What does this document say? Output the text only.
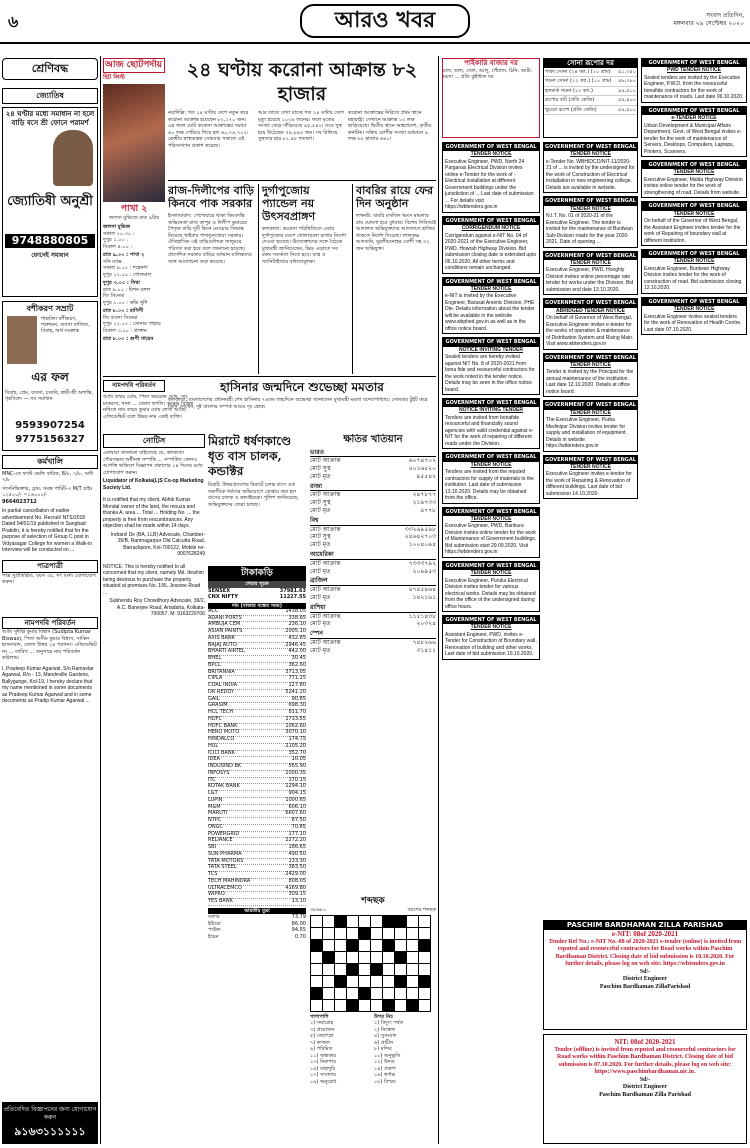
৬	আরও খবর	সংবাদ প্রতিদিন,
মঙ্গলবার ২৯ সেপ্টেম্বর ২০২০
শ্রেণিবদ্ধ
জ্যোতিষ
২৪ ঘণ্টার মধ্যে সমাধান না হলে বাড়ি বসে শ্রী ফোনে পরামর্শ
জ্যোতিষী অনুশ্রী
9748880805
ফোনেই সমাধান
বশীকরণ সম্রাট
শাস্ত্রবিদ্য বশীকরণ, শত্রুদমন, ব্যবসা বাণিজ্য, বিবাহ, অর্থ সংক্রান্ত
এর ফল
বিবাহ, প্রেম, ব্যবসা, চাকরি, স্বামী-স্ত্রী অশান্তি, গৃহবিবাদ — সব সমাধান
9593907254
9775156327
কর্মখালি
MNC-তে ফাস্ট ভেন্ডি বারিক, 8/৮, ৭/৮, অধি ৭/৮
সাসনিভিক্তার, ড্রাম, সমস্ত পার্মিট-৩ M/T চাইঃ ১২৫০০/- ~১৬০০০/-
9664023712
In partial cancellation of earlier advertisement No. Recruit/ NTS/2018 Dated 04/01/19 published in Sangbad Pratidin, it is hereby notified that for the purpose of selection of Group C post in Vidyasagar College for women a Walk-in Interview will be conducted on ...
পাত্রপাত্রী
পাত্র সুপ্রতিষ্ঠিত, বয়স ৩৫, সৎ বংশ। যোগাযোগ করুন।
নামপদবি পরিবর্তন
আমি সুদীপ্ত কুমার বিশ্বাস (Sudipta Kumar Biswas), পিতা অসীম কুমার বিশ্বাস, সাকিন হাসনাবাদ, জেলা উত্তর ২৪ পরগনা। এফিডেভিট নং ... তারিখ ... অনুসারে নাম পরিবর্তন করিলাম।
I, Pradeep Kumar Agarwal, S/o Ramavtar Agarwal, R/o - 13, Mandeville Gardens, Ballygunge, Kol-19, I hereby declare that my name mentioned in some documents as Pradeep Kumar Agarwal and in some documents as Pradip Kumar Agarwal ...
প্রতিবেদিত বিজ্ঞাপনের জন্য যোগাযোগ করুন
৯১৬৩১১১১১১
আজ ছোটপর্দায়
হিট লিস্ট
পাখা ২
জলসা মুভিজে রাত ৯টায়
জলসা মুভিজ
সকাল ১০.৩০ :
দুপুর ১.০০ :
বিকাল ৪.০০ :
রাত ৯.০০ : পাখা ২
সনি ম্যাক্স
সকাল ৯.০০ : শহেনশা
দুপুর ১২.০০ : গোলমাল
দুপুর ৩.০০ : সিম্বা
রাত ৯.০০ : মিশন মঙ্গল
জি সিনেমা
দুপুর ১.০০ : কভি খুশি
রাত ৮.০০ : রাগিণী
জি বাংলা সিনেমা
দুপুর ১২.০০ : সোনার পাহাড়
বিকাল ৩.০০ : প্রাক্তন
রাত ৮.০০ : গুপী গায়েন
২৪ ঘণ্টায় করোনা আক্রান্ত ৮২ হাজার
নয়াদিল্লি: গত ২৪ ঘণ্টায় দেশে নতুন করে করোনা আক্রান্ত হয়েছেন ৮২,১৭০ জন। এর ফলে মোট করোনা আক্রান্তের সংখ্যা ৬০ লক্ষ পেরিয়ে গিয়ে হল ৬০,৭৪,৭০২। কেন্দ্রীয় স্বাস্থ্যমন্ত্রক সোমবার সকালে এই পরিসংখ্যান প্রকাশ করেছে।
আর তাতে দেখা যাচ্ছে গত ২৪ ঘণ্টায় দেশে মৃত্যু হয়েছে ১০৩৯ জনের। ফলে মৃতের সংখ্যা বেড়ে দাঁড়িয়েছে ৯৫,৫৪২। তবে সুস্থ হয়ে উঠেছেন ৭৪,৮৯৩ জন। সব মিলিয়ে সুস্থতার হার ৮২.৫৮ শতাংশ।
করোনা আক্রান্তের নিরিখে প্রথম স্থানে মহারাষ্ট্র। সেখানে আক্রান্ত ১৩ লক্ষ ছাড়িয়েছে। দ্বিতীয় স্থানে অন্ধ্রপ্রদেশ, তৃতীয় কর্নাটক। সক্রিয় রোগীর সংখ্যা বর্তমানে ৯ লক্ষ ৬২ হাজার ৬৪০।
রাজ-দিলীপের বাড়ি কিনবে পাক সরকার
ইসলামাবাদ: পেশোয়ারে থাকা কিংবদন্তি অভিনেতা রাজ কাপুর ও দিলীপ কুমারের পৈতৃক বাড়ি দুটি কিনে নেওয়ার সিদ্ধান্ত নিয়েছে খাইবার পাখতুনখোয়া সরকার। ঐতিহাসিক এই বাড়িগুলিকে জাদুঘরে পরিণত করা হবে বলে জানানো হয়েছে। প্রাদেশিক সরকার বাড়ির বর্তমান মালিকদের সঙ্গে আলোচনা শুরু করেছে।
দুর্গাপুজোয় প্যান্ডেল নয় উৎসবপ্রাঙ্গণ
কলকাতা: করোনা পরিস্থিতিতে এবার দুর্গাপুজোর মণ্ডপ খোলামেলা রাখার নির্দেশ দেওয়া হয়েছে। উদ্যোক্তাদের সঙ্গে বৈঠকে মুখ্যমন্ত্রী জানিয়েছেন, ভিড় এড়াতে সব রকম সতর্কতা নিতে হবে। মাস্ক ও স্যানিটাইজার বাধ্যতামূলক।
বাবরির রায়ে ফের দিন অনুষ্ঠান
লখনউ: বাবরি মসজিদ ধ্বংস মামলার রায় ঘোষণা হবে বুধবার। বিশেষ সিবিআই আদালত অভিযুক্তদের আদালতে হাজির থাকতে নির্দেশ দিয়েছে। লালকৃষ্ণ আদবানি, মুরলীমনোহর যোশী সহ ৩২ জন অভিযুক্ত।
হাসিনার জন্মদিনে শুভেচ্ছা মমতার
কলকাতা: বাংলাদেশের প্রধানমন্ত্রী শেখ হাসিনার ৭৪তম জন্মদিনে শুভেচ্ছা জানালেন মুখ্যমন্ত্রী মমতা বন্দ্যোপাধ্যায়। সোমবার টুইট করে তিনি লেখেন, দুই বাংলার সম্পর্ক আরও দৃঢ় হোক।
নামপদবি পরিবর্তন
আমি তন্ময় ঘোষ, পিতা অমরেন্দ্র ঘোষ, সাং মাকরসা, থানা ... জেলা হুগলি। আমার বিভিন্ন নথিতে নাম তন্ময় কুমার ঘোষ লেখা আছে। এফিডেভিট বলে উভয় নাম একই ব্যক্তি।
নোটিস
এতদ্বারা জানানো যাইতেছে যে, কলকাতা পৌরসভার অধীনস্থ সম্পত্তি ... সম্পর্কিত কোনও আপত্তি থাকিলে বিজ্ঞাপন প্রকাশের ১৪ দিনের মধ্যে যোগাযোগ করুন।
Liquidator of Kolkata(L)S Co-op Marketing Society Ltd.
It is notified that my client, Abhik Kumar Mondal owner of the land, the mouza and thanka A, area ... Total ... Holding No. ... the property is free from encumbrances. Any objection shall be made within 14 days.
Indranil De (BA, LLB) Advocate, Chamber-35/B, Ramnagarpur Old Calcutta Road, Barrackpore, Kol-700122, Mobile no-9007628249
NOTICE: This is hereby notified to all concerned that my client, namely Md. Ibrahim being desirous to purchase the property situated at premises No. 195, Jessore Road ...
Subhendu Roy Chowdhury Advocate, 39/2, A.C. Banerjee Road, Ariadaha, Kolkata-700057. M: 9163229706
মিরাটে ধর্ষণকাণ্ডে ধৃত বাস চালক, কন্ডাক্টর
মিরাট: উত্তরপ্রদেশের মিরাটে চলন্ত বাসে এক তরুণীকে ধর্ষণের অভিযোগে গ্রেপ্তার করা হল বাসের চালক ও কন্ডাক্টরকে। পুলিশ জানিয়েছে, অভিযুক্তদের জেরা চলছে।
টাকাকড়ি
শেয়ার সূচক
SENSEX	37981.63
CNX NIFTY	11227.55
দাম (বাজার বন্ধের সময়)
ACC	1438.05
ADANI PORTS	338.65
AMBUJA CEM	236.10
ASIAN PAINTS	2005.10
AXIS BANK	432.85
BAJAJ AUTO	2946.45
BHARTI AIRTEL	442.00
BHEL	30.45
BPCL	362.60
BRITANNIA	3713.05
CIPLA	771.25
COAL INDIA	127.80
DR REDDY	5241.20
GAIL	90.85
GRASIM	698.30
HCL TECH	811.70
HDFC	1733.55
HDFC BANK	1062.60
HERO MOTO	3070.10
HINDALCO	174.75
HUL	2105.20
ICICI BANK	352.70
IDEA	10.05
INDUSIND BK	565.90
INFOSYS	1000.35
ITC	170.15
KOTAK BANK	1294.10
L&T	904.15
LUPIN	1000.65
M&M	606.10
MARUTI	6607.60
NTPC	87.50
ONGC	70.85
POWERGRID	177.10
RELIANCE	2272.20
SBI	186.65
SUN PHARMA	490.50
TATA MOTORS	133.30
TATA STEEL	383.50
TCS	2429.00
TECH MAHINDRA	808.05
ULTRACEMCO	4169.80
WIPRO	309.15
YES BANK	13.10
ভারতীয় মুদ্রা
ডলার	73.79
ইউরো	86.00
পাউন্ড	94.55
ইয়েন	0.70
ক্ষতির খতিয়ান
ভারত
মোট আক্রান্ত	৬০৭৪৭০২
মোট সুস্থ	৫০১৬৫২০
মোট মৃত	৯৫৫৪২
রাজ্য
মোট আক্রান্ত	২৪৭৮৭৭
মোট সুস্থ	২১৯৭৩৩
মোট মৃত	৪৭৭৮
বিশ্ব
মোট আক্রান্ত	৩৩২৬৯৫৯৮
মোট সুস্থ	২৪৬৪২৭০৩
মোট মৃত	১০০৪০৯৪
আমেরিকা
মোট আক্রান্ত	৭৩৩৩৭৯২
মোট মৃত	২০৯৯৫৩
ব্রাজিল
মোট আক্রান্ত	৪৭৪৫৪৬৪
মোট মৃত	১৪২১৬১
রাশিয়া
মোট আক্রান্ত	১১৫১৪৩৮
মোট মৃত	২০৩২৪
স্পেন
মোট আক্রান্ত	৭৪৮২৬৬
মোট মৃত	৩১৪১১
শব্দছক
৩৮৬৮১	আগের শব্দছক

পাশাপাশি
১) সমারোহ
৩) প্রয়োজন
৫) জ্যোৎস্না
৭) কাজল
৯) পরিমিত
১১) অন্ধকার
১৩) নিরুপায়
১৫) বাহাদুরি
১৭) সম্প্রদায়
১৯) অনুরোধ
উপর নিচ
১) বিদ্যুৎ পর্বত
২) নিস্তেজ
৪) সুসংবাদ
৬) প্রাচীন
৮) মন্দির
১০) অনুভূতি
১২) উদ্যম
১৪) প্রকাশ
১৬) স্বর্ণাভ
১৮) বিস্ময়
পাইকারি বাজার দর
চাল, ডাল, তেল, আলু, পেঁয়াজ, চিনি, আটা, ময়দা ... প্রতি কুইন্টাল দর
সোনা রূপোর দর
পাকা সোনা (২৪ ক্যা.) (১০ গ্রাম) ৫১,৩৫০
গয়না সোনা (২২ ক্যা.) (১০ গ্রাম) ৪৮,৭৮০
হলমার্ক গয়না (২২ ক্যা.)	৪৯,৫০০
রূপোর বাট (প্রতি কেজি)	৫৯,৪০০
খুচরো রূপো (প্রতি কেজি)	৫৯,৫০০
GOVERNMENT OF WEST BENGAL
TENDER NOTICE
Executive Engineer, PWD, North 24 Parganas Electrical Division invites online e-Tender for the work of - Electrical installation at different Government buildings under the jurisdiction of ... Last date of submission ... For details visit https://wbtenders.gov.in
GOVERNMENT OF WEST BENGAL
CORRIGENDUM NOTICE
Corrigendum against e-NIT No. 04 of 2020-2021 of the Executive Engineer, PWD, Howrah Highway Division. Bid submission closing date is extended upto 06.10.2020. All other terms and conditions remain unchanged.
GOVERNMENT OF WEST BENGAL
TENDER NOTICE
e-NIT is invited by the Executive Engineer, Barasat Arsenic Division, PHE Dte. Details information about the tender will be available in the website www.wbphed.gov.in as well as in the office notice board.
GOVERNMENT OF WEST BENGAL
NOTICE INVITING TENDER
Sealed tenders are hereby invited against NIT No. 8 of 2020-2021 from bona fide and resourceful contractors for the work noted in the tender notice. Details may be seen in the office notice board.
GOVERNMENT OF WEST BENGAL
NOTICE INVITING TENDER
Tenders are invited from bonafide resourceful and financially sound agencies with valid credential against e-NIT for the work of repairing of different roads under the Division.
GOVERNMENT OF WEST BENGAL
TENDER NOTICE
Tenders are invited from the reputed contractors for supply of materials to the institution. Last date of submission 13.10.2020. Details may be obtained from the office.
GOVERNMENT OF WEST BENGAL
TENDER NOTICE
Executive Engineer, PWD, Bankura Division invites online tender for the work of Maintenance of Government buildings. Bid submission start 29.09.2020. Visit https://wbtenders.gov.in
GOVERNMENT OF WEST BENGAL
TENDER NOTICE
Executive Engineer, Purulia Electrical Division invites tender for various electrical works. Details may be obtained from the office of the undersigned during office hours.
GOVERNMENT OF WEST BENGAL
TENDER NOTICE
Assistant Engineer, PWD, invites e-Tender for Construction of Boundary wall, Renovation of building and other works. Last date of bid submission 10.10.2020.
GOVERNMENT OF WEST BENGAL
TENDER NOTICE
e-Tender No. WBHIDCO/NIT-11/2020-21 of ... is invited by the undersigned for the work of Construction of Electrical Installation in new engineering college. Details are available in website.
GOVERNMENT OF WEST BENGAL
TENDER NOTICE
N.I.T. No. 01 of 2020-21 of the Executive Engineer. The tender is invited for the maintenance of Burdwan Sub-Division roads for the year 2020-2021. Date of opening ...
GOVERNMENT OF WEST BENGAL
TENDER NOTICE
Executive Engineer, PWD, Hooghly Division invites online percentage rate tender for works under the Division. Bid submission end date 13.10.2020.
GOVERNMENT OF WEST BENGAL
ABRIDGED TENDER NOTICE
On behalf of Governor of West Bengal, Executive Engineer invites e-tender for the works of operation & maintenance of Distribution System and Rising Main. Visit www.wbtenders.gov.in
GOVERNMENT OF WEST BENGAL
TENDER NOTICE
Tender is invited by the Principal for the annual maintenance of the institution. Last date 12.10.2020. Details at office notice board.
GOVERNMENT OF WEST BENGAL
TENDER NOTICE
The Executive Engineer, Purba Medinipur Division invites tender for supply and installation of equipment. Details in website https://wbtenders.gov.in
GOVERNMENT OF WEST BENGAL
TENDER NOTICE
Executive Engineer invites e-tender for the work of Repairing & Renovation of different buildings. Last date of bid submission 14.10.2020.
GOVERNMENT OF WEST BENGAL
PWD TENDER NOTICE
Sealed tenders are invited by the Executive Engineer, P.W.D. from the resourceful bonafide contractors for the work of maintenance of roads. Last date 06.10.2020.
GOVERNMENT OF WEST BENGAL
e-TENDER NOTICE
Urban Development & Municipal Affairs Department, Govt. of West Bengal invites e-tender for the work of maintenance of Servers, Desktops, Computers, Laptops, Printers, Scanners.
GOVERNMENT OF WEST BENGAL
TENDER NOTICE
Executive Engineer, Malda Highway Division invites online tender for the work of strengthening of road. Details from website.
GOVERNMENT OF WEST BENGAL
TENDER NOTICE
On behalf of the Governor of West Bengal, the Assistant Engineer invites tender for the work of Repairing of boundary wall at different institution.
GOVERNMENT OF WEST BENGAL
TENDER NOTICE
Executive Engineer, Burdwan Highway Division invites tender for the work of construction of road. Bid submission closing 12.10.2020.
GOVERNMENT OF WEST BENGAL
TENDER NOTICE
Executive Engineer invites sealed tenders for the work of Renovation of Health Centre. Last date 07.10.2020.
PASCHIM BARDHAMAN ZILLA PARISHAD
e-NIT: 08of 2020-2021
Tender Ref No.: e-NIT No.-08 of 2020-2021 e-tender (online) is invited from reputed and resourceful contractors for Road works within Paschim Bardhaman District. Closing date of bid submission is 10.10.2020. For further details, please log on web site: https://wbtenders.gov.in
Sd/-
District Engineer
Paschim Bardhaman ZillaParishad
NIT: 08of 2020-2021
Tender (offline) is invited from reputed and resourceful contractors for Road works within Paschim Bardhaman District. Closing date of bid submission is 07.10.2020. For further details, please log on web site: https://www.paschimbardhaman.nic.in.
Sd/-
District Engineer
Paschim Bardhaman Zilla Parishad
